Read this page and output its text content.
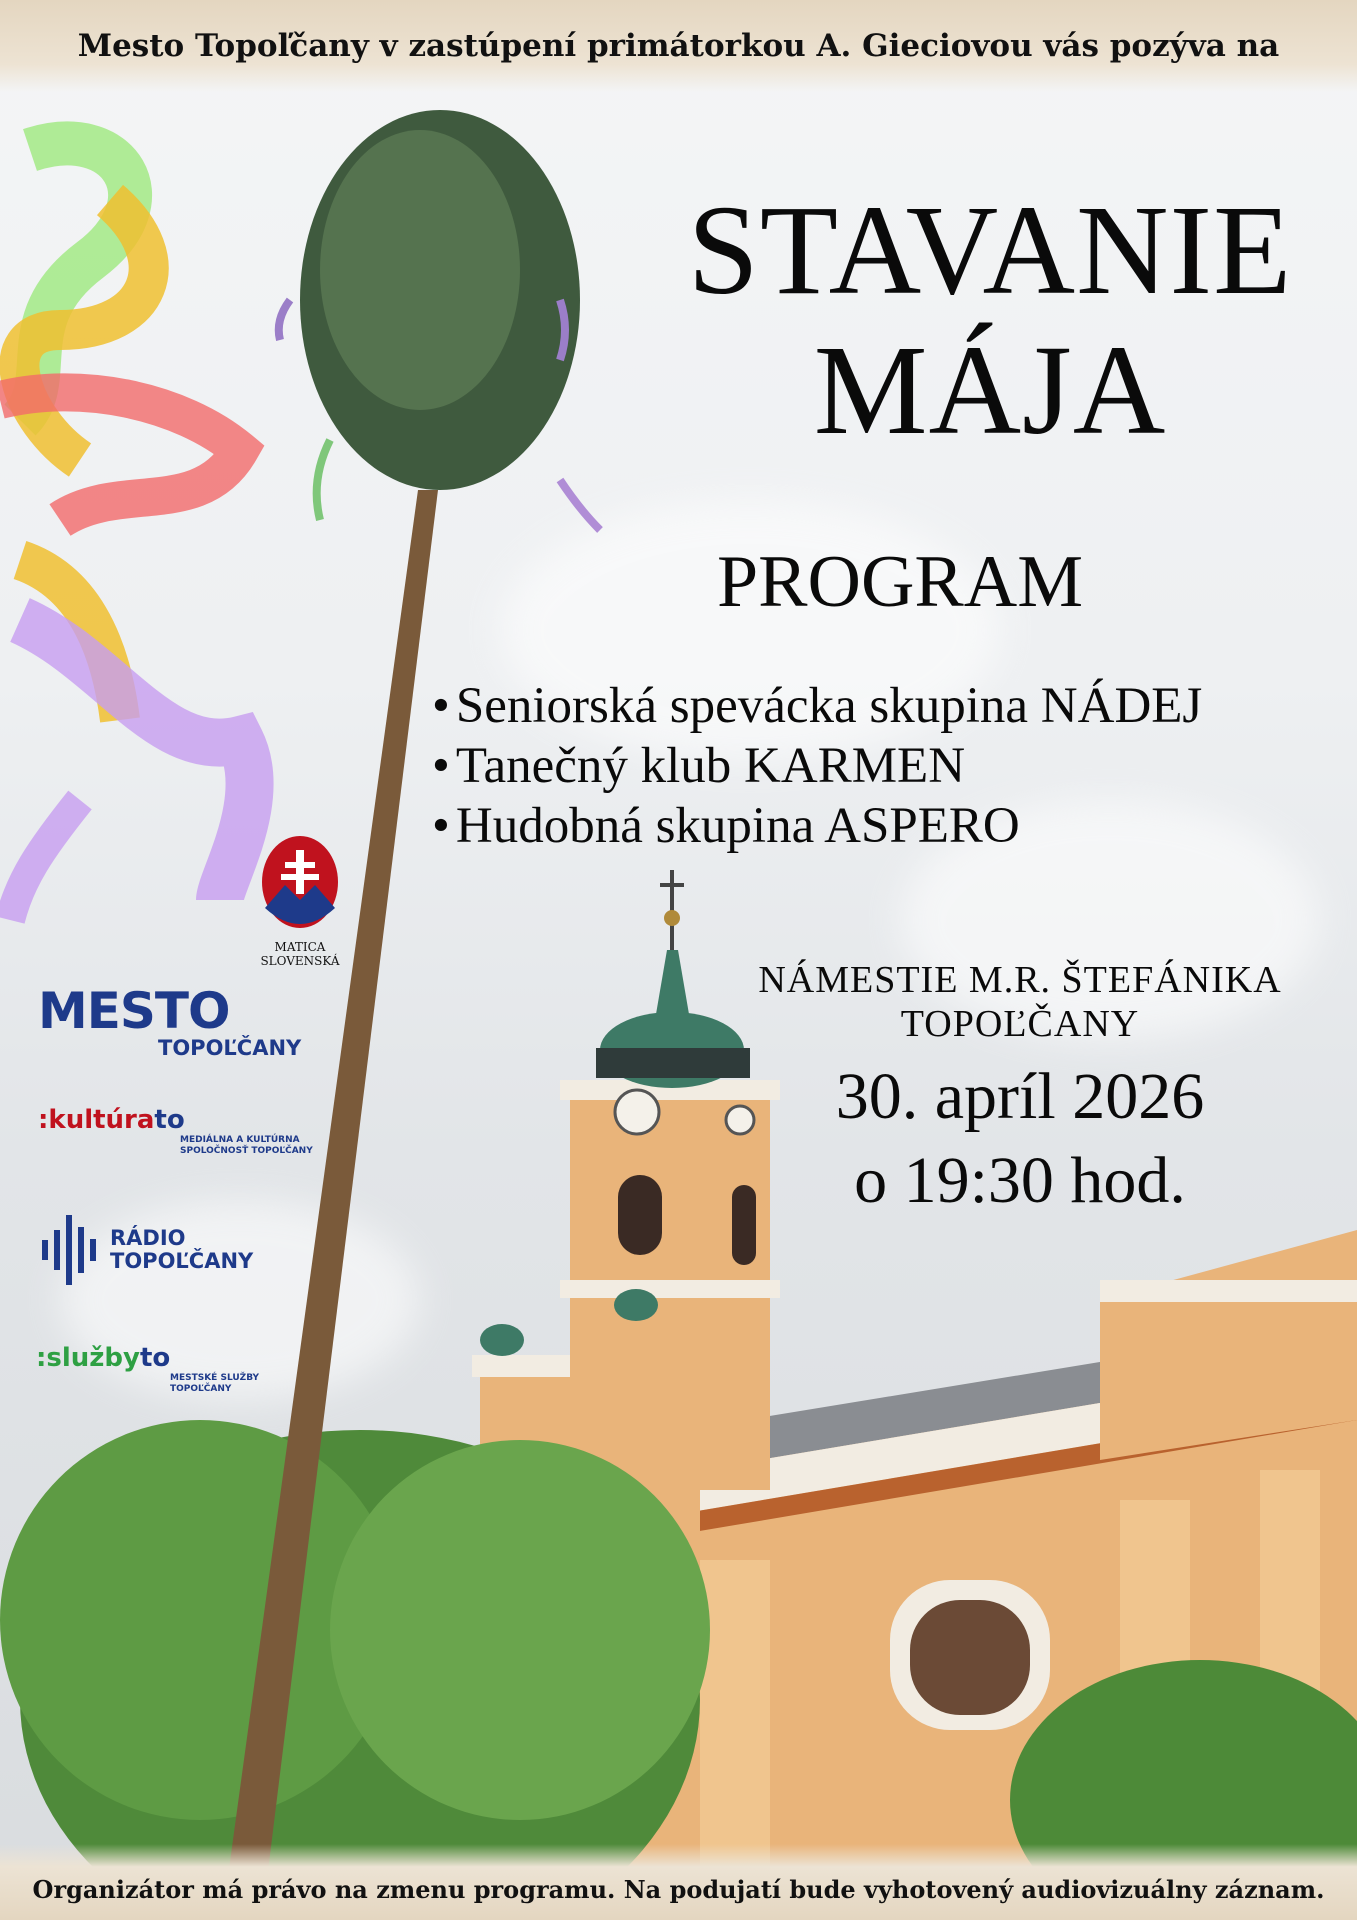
Mesto Topoľčany v zastúpení primátorkou A. Gieciovou vás pozýva na
STAVANIE
MÁJA
PROGRAM
• Seniorská spevácka skupina NÁDEJ
• Tanečný klub KARMEN
• Hudobná skupina ASPERO
NÁMESTIE M.R. ŠTEFÁNIKA
TOPOĽČANY
30. apríl 2026
o 19:30 hod.
MATICA
SLOVENSKÁ
MESTO
TOPOĽČANY
:kultúrato
MEDIÁLNA A KULTÚRNA
SPOLOČNOSŤ TOPOĽČANY
RÁDIO
TOPOĽČANY
:službyto
MESTSKÉ SLUŽBY
TOPOĽČANY
Organizátor má právo na zmenu programu. Na podujatí bude vyhotovený audiovizuálny záznam.
